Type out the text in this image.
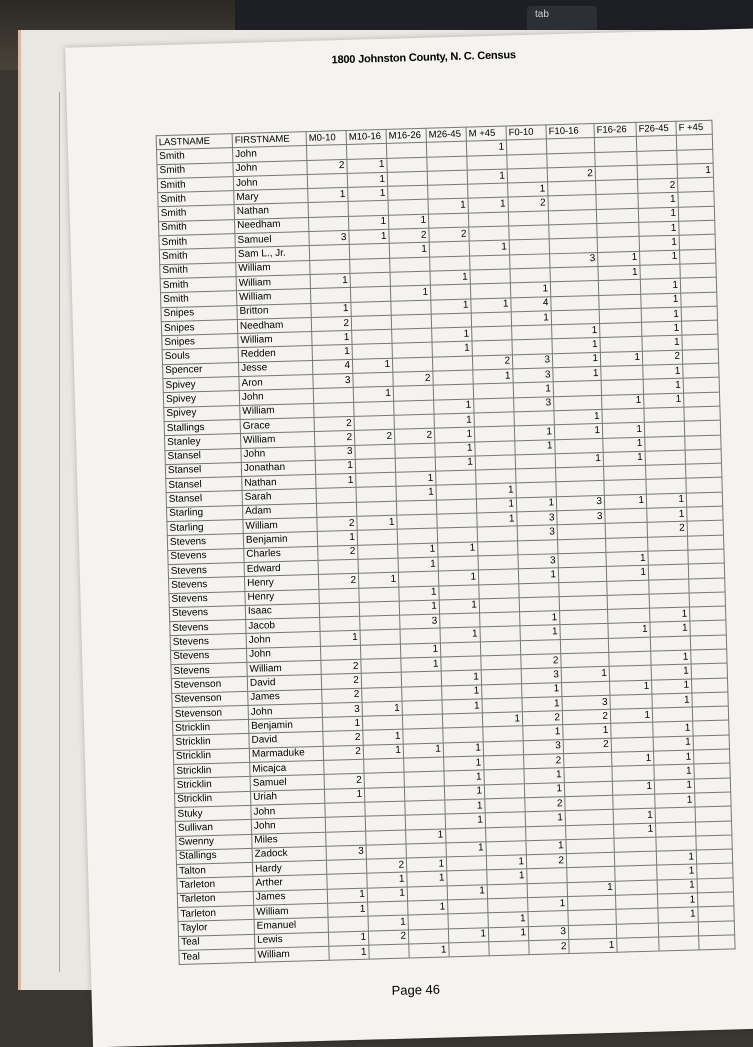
tab
1800 Johnston County, N. C. Census
LASTNAME	FIRSTNAME	M0-10	M10-16	M16-26	M26-45	M +45	F0-10	F10-16	F16-26	F26-45	F +45
Smith	John					1					
Smith	John	2	1								
Smith	John		1			1		2			1
Smith	Mary	1	1				1			2	
Smith	Nathan				1	1	2			1	
Smith	Needham		1	1						1	
Smith	Samuel	3	1	2	2					1	
Smith	Sam L., Jr.			1		1				1	
Smith	William							3	1	1	
Smith	William	1			1				1		
Smith	William			1			1			1	
Snipes	Britton	1			1	1	4			1	
Snipes	Needham	2					1			1	
Snipes	William	1			1			1		1	
Souls	Redden	1			1			1		1	
Spencer	Jesse	4	1			2	3	1	1	2	
Spivey	Aron	3		2		1	3	1		1	
Spivey	John		1				1			1	
Spivey	William				1		3		1	1	
Stallings	Grace	2			1			1			
Stanley	William	2	2	2	1		1	1	1		
Stansel	John	3			1		1		1		
Stansel	Jonathan	1			1			1	1		
Stansel	Nathan	1		1							
Stansel	Sarah			1		1					
Starling	Adam					1	1	3	1	1	
Starling	William	2	1			1	3	3		1	
Stevens	Benjamin	1					3			2	
Stevens	Charles	2		1	1						
Stevens	Edward			1			3		1		
Stevens	Henry	2	1		1		1		1		
Stevens	Henry			1							
Stevens	Isaac			1	1						
Stevens	Jacob			3			1			1	
Stevens	John	1			1		1		1	1	
Stevens	John			1							
Stevens	William	2		1			2			1	
Stevenson	David	2			1		3	1		1	
Stevenson	James	2			1		1		1	1	
Stevenson	John	3	1		1		1	3		1	
Stricklin	Benjamin	1				1	2	2	1		
Stricklin	David	2	1				1	1		1	
Stricklin	Marmaduke	2	1	1	1		3	2		1	
Stricklin	Micajca				1		2		1	1	
Stricklin	Samuel	2			1		1			1	
Stricklin	Uriah	1			1		1		1	1	
Stuky	John				1		2			1	
Sullivan	John				1		1		1		
Swenny	Miles			1					1		
Stallings	Zadock	3			1		1				
Talton	Hardy		2	1		1	2			1	
Tarleton	Arther		1	1		1				1	
Tarleton	James	1	1		1			1		1	
Tarleton	William	1		1			1			1	
Taylor	Emanuel		1			1				1	
Teal	Lewis	1	2		1	1	3				
Teal	William	1		1			2	1			
Page 46
